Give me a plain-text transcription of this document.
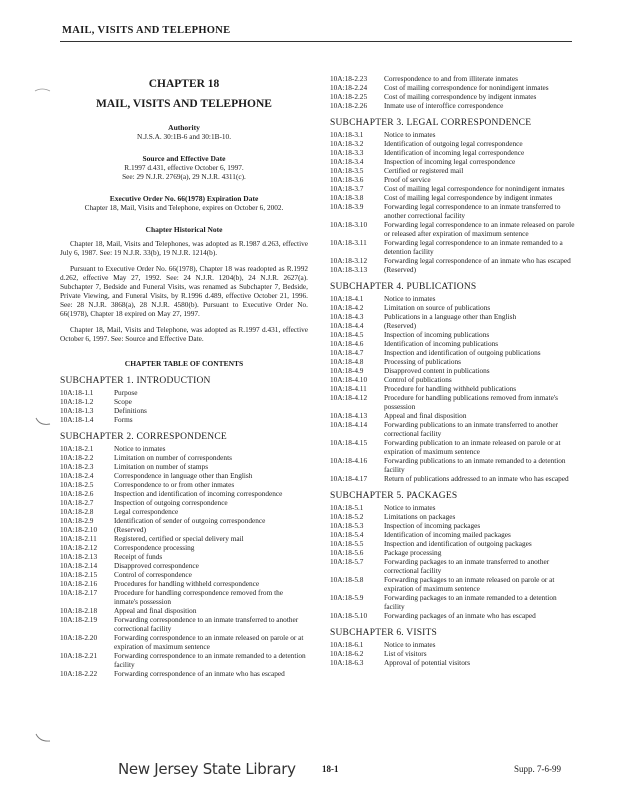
MAIL, VISITS AND TELEPHONE
CHAPTER 18
MAIL, VISITS AND TELEPHONE
Authority
N.J.S.A. 30:1B-6 and 30:1B-10.
Source and Effective Date
R.1997 d.431, effective October 6, 1997.
See: 29 N.J.R. 2769(a), 29 N.J.R. 4311(c).
Executive Order No. 66(1978) Expiration Date
Chapter 18, Mail, Visits and Telephone, expires on October 6, 2002.
Chapter Historical Note
Chapter 18, Mail, Visits and Telephones, was adopted as R.1987 d.263, effective July 6, 1987. See: 19 N.J.R. 33(b), 19 N.J.R. 1214(b).
Pursuant to Executive Order No. 66(1978), Chapter 18 was readopted as R.1992 d.262, effective May 27, 1992. See: 24 N.J.R. 1204(b), 24 N.J.R. 2627(a). Subchapter 7, Bedside and Funeral Visits, was renamed as Subchapter 7, Bedside, Private Viewing, and Funeral Visits, by R.1996 d.489, effective October 21, 1996. See: 28 N.J.R. 3868(a), 28 N.J.R. 4580(b). Pursuant to Executive Order No. 66(1978), Chapter 18 expired on May 27, 1997.
Chapter 18, Mail, Visits and Telephone, was adopted as R.1997 d.431, effective October 6, 1997. See: Source and Effective Date.
CHAPTER TABLE OF CONTENTS
SUBCHAPTER 1. INTRODUCTION
10A:18-1.1	Purpose
10A:18-1.2	Scope
10A:18-1.3	Definitions
10A:18-1.4	Forms
SUBCHAPTER 2. CORRESPONDENCE
10A:18-2.1	Notice to inmates
10A:18-2.2	Limitation on number of correspondents
10A:18-2.3	Limitation on number of stamps
10A:18-2.4	Correspondence in language other than English
10A:18-2.5	Correspondence to or from other inmates
10A:18-2.6	Inspection and identification of incoming correspondence
10A:18-2.7	Inspection of outgoing correspondence
10A:18-2.8	Legal correspondence
10A:18-2.9	Identification of sender of outgoing correspondence
10A:18-2.10	(Reserved)
10A:18-2.11	Registered, certified or special delivery mail
10A:18-2.12	Correspondence processing
10A:18-2.13	Receipt of funds
10A:18-2.14	Disapproved correspondence
10A:18-2.15	Control of correspondence
10A:18-2.16	Procedures for handling withheld correspondence
10A:18-2.17	Procedure for handling correspondence removed from the inmate's possession
10A:18-2.18	Appeal and final disposition
10A:18-2.19	Forwarding correspondence to an inmate transferred to another correctional facility
10A:18-2.20	Forwarding correspondence to an inmate released on parole or at expiration of maximum sentence
10A:18-2.21	Forwarding correspondence to an inmate remanded to a detention facility
10A:18-2.22	Forwarding correspondence of an inmate who has escaped
10A:18-2.23	Correspondence to and from illiterate inmates
10A:18-2.24	Cost of mailing correspondence for nonindigent inmates
10A:18-2.25	Cost of mailing correspondence by indigent inmates
10A:18-2.26	Inmate use of interoffice correspondence
SUBCHAPTER 3. LEGAL CORRESPONDENCE
10A:18-3.1	Notice to inmates
10A:18-3.2	Identification of outgoing legal correspondence
10A:18-3.3	Identification of incoming legal correspondence
10A:18-3.4	Inspection of incoming legal correspondence
10A:18-3.5	Certified or registered mail
10A:18-3.6	Proof of service
10A:18-3.7	Cost of mailing legal correspondence for nonindigent inmates
10A:18-3.8	Cost of mailing legal correspondence by indigent inmates
10A:18-3.9	Forwarding legal correspondence to an inmate transferred to another correctional facility
10A:18-3.10	Forwarding legal correspondence to an inmate released on parole or released after expiration of maximum sentence
10A:18-3.11	Forwarding legal correspondence to an inmate remanded to a detention facility
10A:18-3.12	Forwarding legal correspondence of an inmate who has escaped
10A:18-3.13	(Reserved)
SUBCHAPTER 4. PUBLICATIONS
10A:18-4.1	Notice to inmates
10A:18-4.2	Limitation on source of publications
10A:18-4.3	Publications in a language other than English
10A:18-4.4	(Reserved)
10A:18-4.5	Inspection of incoming publications
10A:18-4.6	Identification of incoming publications
10A:18-4.7	Inspection and identification of outgoing publications
10A:18-4.8	Processing of publications
10A:18-4.9	Disapproved content in publications
10A:18-4.10	Control of publications
10A:18-4.11	Procedure for handling withheld publications
10A:18-4.12	Procedure for handling publications removed from inmate's possession
10A:18-4.13	Appeal and final disposition
10A:18-4.14	Forwarding publications to an inmate transferred to another correctional facility
10A:18-4.15	Forwarding publication to an inmate released on parole or at expiration of maximum sentence
10A:18-4.16	Forwarding publications to an inmate remanded to a detention facility
10A:18-4.17	Return of publications addressed to an inmate who has escaped
SUBCHAPTER 5. PACKAGES
10A:18-5.1	Notice to inmates
10A:18-5.2	Limitations on packages
10A:18-5.3	Inspection of incoming packages
10A:18-5.4	Identification of incoming mailed packages
10A:18-5.5	Inspection and identification of outgoing packages
10A:18-5.6	Package processing
10A:18-5.7	Forwarding packages to an inmate transferred to another correctional facility
10A:18-5.8	Forwarding packages to an inmate released on parole or at expiration of maximum sentence
10A:18-5.9	Forwarding packages to an inmate remanded to a detention facility
10A:18-5.10	Forwarding packages of an inmate who has escaped
SUBCHAPTER 6. VISITS
10A:18-6.1	Notice to inmates
10A:18-6.2	List of visitors
10A:18-6.3	Approval of potential visitors
New Jersey State Library	18-1	Supp. 7-6-99
